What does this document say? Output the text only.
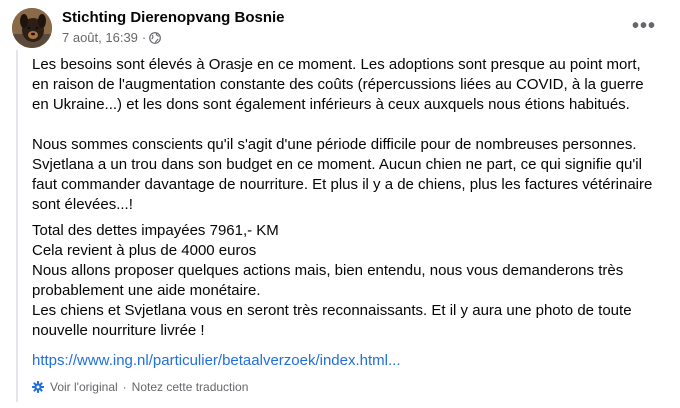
Stichting Dierenopvang Bosnie
7 août, 16:39 ·
•••

Les besoins sont élevés à Orasje en ce moment. Les adoptions sont presque au point mort,
en raison de l'augmentation constante des coûts (répercussions liées au COVID, à la guerre
en Ukraine...) et les dons sont également inférieurs à ceux auxquels nous étions habitués.

Nous sommes conscients qu'il s'agit d'une période difficile pour de nombreuses personnes.
Svjetlana a un trou dans son budget en ce moment. Aucun chien ne part, ce qui signifie qu'il
faut commander davantage de nourriture. Et plus il y a de chiens, plus les factures vétérinaire
sont élevées...!

Total des dettes impayées 7961,- KM
Cela revient à plus de 4000 euros
Nous allons proposer quelques actions mais, bien entendu, nous vous demanderons très
probablement une aide monétaire.
Les chiens et Svjetlana vous en seront très reconnaissants. Et il y aura une photo de toute
nouvelle nourriture livrée !

https://www.ing.nl/particulier/betaalverzoek/index.html...
Voir l'original · Notez cette traduction
